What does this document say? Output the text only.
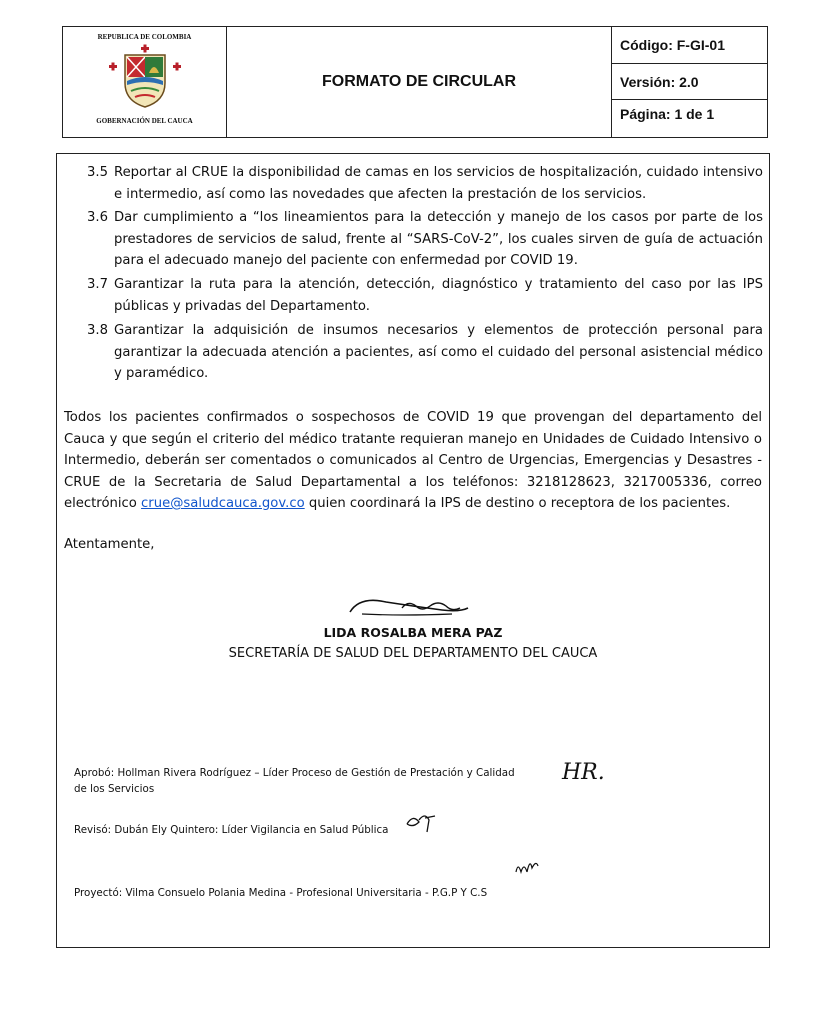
REPUBLICA DE COLOMBIA
GOBERNACIÓN DEL CAUCA
FORMATO DE CIRCULAR
Código: F-GI-01
Versión: 2.0
Página: 1 de 1
3.5 Reportar al CRUE la disponibilidad de camas en los servicios de hospitalización, cuidado intensivo e intermedio, así como las novedades que afecten la prestación de los servicios.
3.6 Dar cumplimiento a “los lineamientos para la detección y manejo de los casos por parte de los prestadores de servicios de salud, frente al “SARS-CoV-2”, los cuales sirven de guía de actuación para el adecuado manejo del paciente con enfermedad por COVID 19.
3.7 Garantizar la ruta para la atención, detección, diagnóstico y tratamiento del caso por las IPS públicas y privadas del Departamento.
3.8 Garantizar la adquisición de insumos necesarios y elementos de protección personal para garantizar la adecuada atención a pacientes, así como el cuidado del personal asistencial médico y paramédico.
Todos los pacientes confirmados o sospechosos de COVID 19 que provengan del departamento del Cauca y que según el criterio del médico tratante requieran manejo en Unidades de Cuidado Intensivo o Intermedio, deberán ser comentados o comunicados al Centro de Urgencias, Emergencias y Desastres - CRUE de la Secretaria de Salud Departamental a los teléfonos: 3218128623, 3217005336, correo electrónico crue@saludcauca.gov.co quien coordinará la IPS de destino o receptora de los pacientes.
Atentamente,
LIDA ROSALBA MERA PAZ
SECRETARÍA DE SALUD DEL DEPARTAMENTO DEL CAUCA
Aprobó: Hollman Rivera Rodríguez – Líder Proceso de Gestión de Prestación y Calidad
de los Servicios
HR.
Revisó: Dubán Ely Quintero: Líder Vigilancia en Salud Pública
Proyectó: Vilma Consuelo Polania Medina - Profesional Universitaria - P.G.P Y C.S
